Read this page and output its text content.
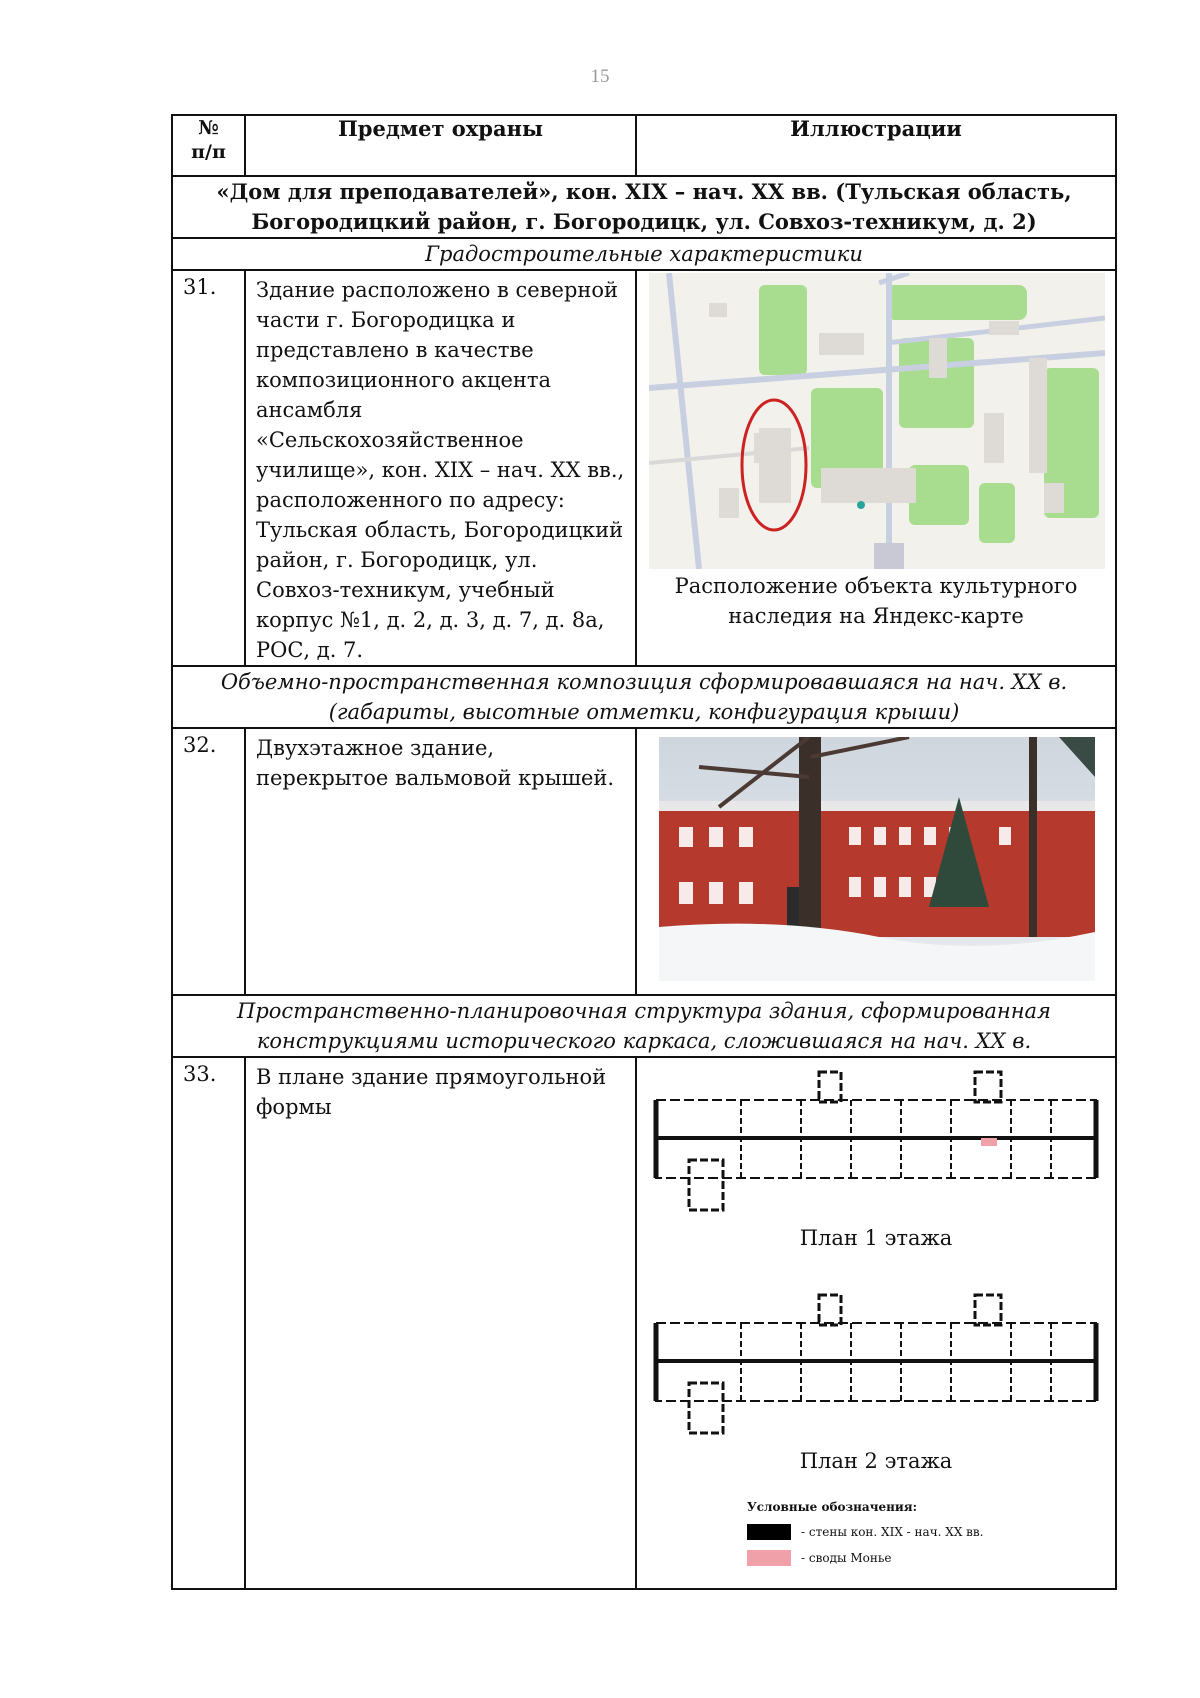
15
№
п/п	Предмет охраны	Иллюстрации
«Дом для преподавателей», кон. XIX – нач. XX вв. (Тульская область, Богородицкий район, г. Богородицк, ул. Совхоз-техникум, д. 2)		
Градостроительные характеристики		
31.	Здание расположено в северной части г. Богородицка и представлено в качестве композиционного акцента ансамбля «Сельскохозяйственное училище», кон. XIX – нач. XX вв., расположенного по адресу: Тульская область, Богородицкий район, г. Богородицк, ул. Совхоз-техникум, учебный корпус №1, д. 2, д. 3, д. 7, д. 8а, РОС, д. 7.	Расположение объекта культурного наследия на Яндекс-карте

Объемно-пространственная композиция сформировавшаяся на нач. XX в.(габариты, высотные отметки, конфигурация крыши)		
32.	Двухэтажное здание, перекрытое вальмовой крышей.	

Пространственно-планировочная структура здания, сформированная конструкциями исторического каркаса, сложившаяся на нач. XX в.		
33.	В плане здание прямоугольной формы	План 1 этажа
План 2 этажа
Условные обозначения:
- стены кон. XIX - нач. XX вв.
- своды Монье
